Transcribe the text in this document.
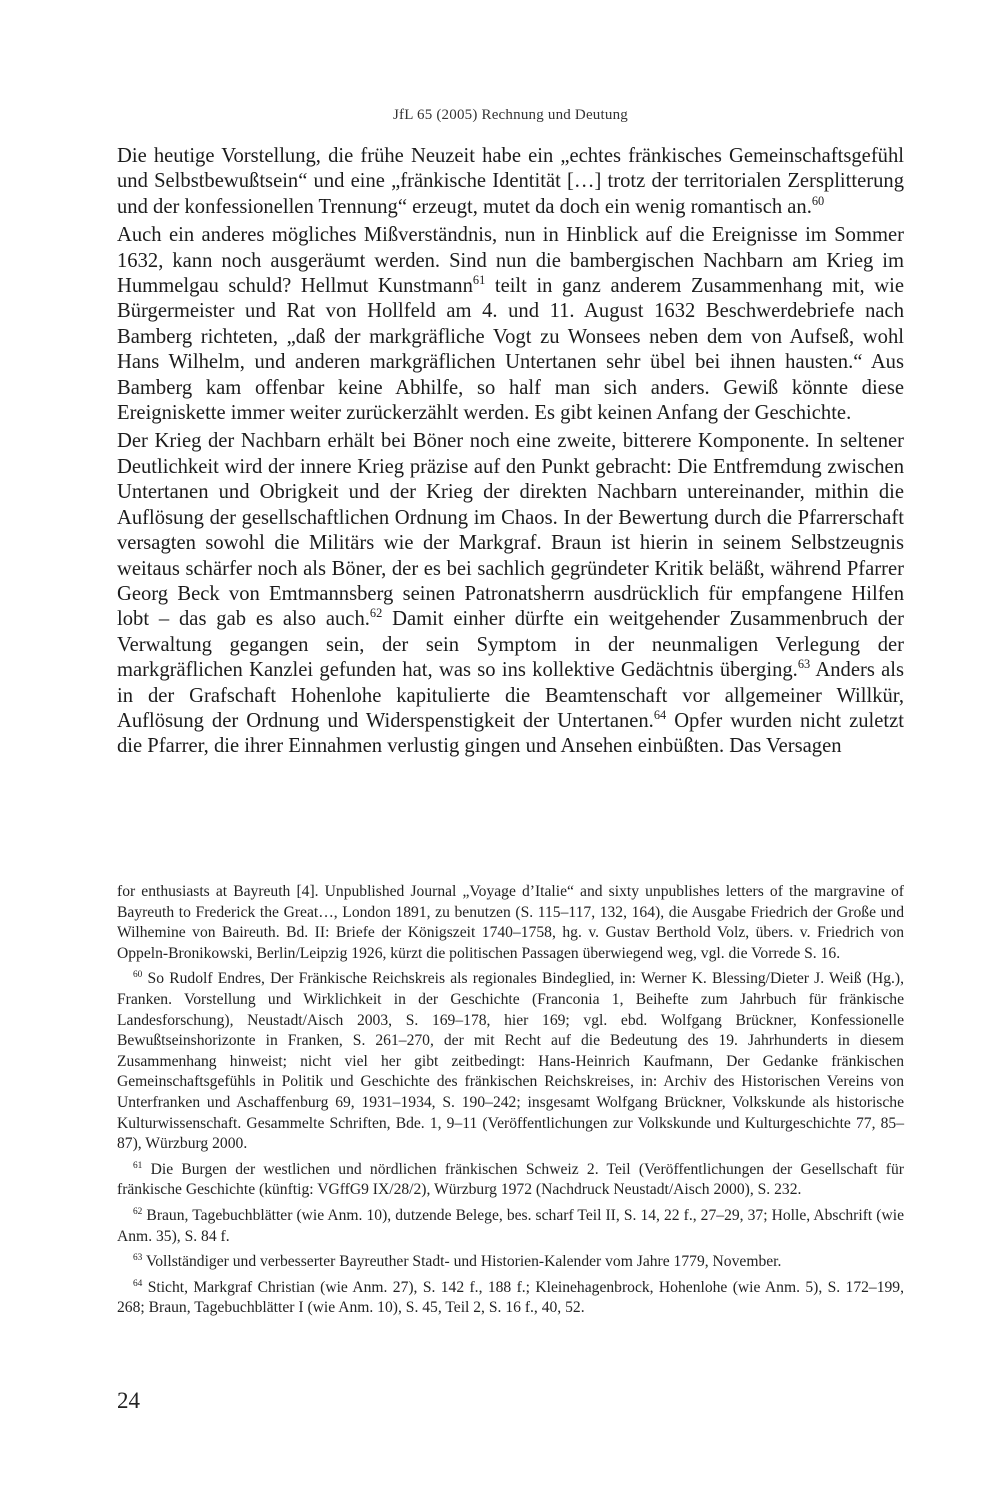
JfL 65 (2005) Rechnung und Deutung

Die heutige Vorstellung, die frühe Neuzeit habe ein „echtes fränkisches Gemeinschaftsgefühl und Selbstbewußtsein“ und eine „fränkische Identität […] trotz der territorialen Zersplitterung und der konfessionellen Trennung“ erzeugt, mutet da doch ein wenig romantisch an.$^{60}$

Auch ein anderes mögliches Mißverständnis, nun in Hinblick auf die Ereignisse im Sommer 1632, kann noch ausgeräumt werden. Sind nun die bambergischen Nachbarn am Krieg im Hummelgau schuld? Hellmut Kunstmann$^{61}$ teilt in ganz anderem Zusammenhang mit, wie Bürgermeister und Rat von Hollfeld am 4. und 11. August 1632 Beschwerdebriefe nach Bamberg richteten, „daß der markgräfliche Vogt zu Wonsees neben dem von Aufseß, wohl Hans Wilhelm, und anderen markgräflichen Untertanen sehr übel bei ihnen hausten.“ Aus Bamberg kam offenbar keine Abhilfe, so half man sich anders. Gewiß könnte diese Ereigniskette immer weiter zurückerzählt werden. Es gibt keinen Anfang der Geschichte.

Der Krieg der Nachbarn erhält bei Böner noch eine zweite, bitterere Komponente. In seltener Deutlichkeit wird der innere Krieg präzise auf den Punkt gebracht: Die Entfremdung zwischen Untertanen und Obrigkeit und der Krieg der direkten Nachbarn untereinander, mithin die Auflösung der gesellschaftlichen Ordnung im Chaos. In der Bewertung durch die Pfarrerschaft versagten sowohl die Militärs wie der Markgraf. Braun ist hierin in seinem Selbstzeugnis weitaus schärfer noch als Böner, der es bei sachlich gegründeter Kritik beläßt, während Pfarrer Georg Beck von Emtmannsberg seinen Patronatsherrn ausdrücklich für empfangene Hilfen lobt – das gab es also auch.$^{62}$ Damit einher dürfte ein weitgehender Zusammenbruch der Verwaltung gegangen sein, der sein Symptom in der neunmaligen Verlegung der markgräflichen Kanzlei gefunden hat, was so ins kollektive Gedächtnis überging.$^{63}$ Anders als in der Grafschaft Hohenlohe kapitulierte die Beamtenschaft vor allgemeiner Willkür, Auflösung der Ordnung und Widerspenstigkeit der Untertanen.$^{64}$ Opfer wurden nicht zuletzt die Pfarrer, die ihrer Einnahmen verlustig gingen und Ansehen einbüßten. Das Versagen

for enthusiasts at Bayreuth [4]. Unpublished Journal „Voyage d’Italie“ and sixty unpublishes letters of the margravine of Bayreuth to Frederick the Great…, London 1891, zu benutzen (S. 115–117, 132, 164), die Ausgabe Friedrich der Große und Wilhemine von Baireuth. Bd. II: Briefe der Königszeit 1740–1758, hg. v. Gustav Berthold Volz, übers. v. Friedrich von Oppeln-Bronikowski, Berlin/Leipzig 1926, kürzt die politischen Passagen überwiegend weg, vgl. die Vorrede S. 16.

$^{60}$ So Rudolf Endres, Der Fränkische Reichskreis als regionales Bindeglied, in: Werner K. Blessing/Dieter J. Weiß (Hg.), Franken. Vorstellung und Wirklichkeit in der Geschichte (Franconia 1, Beihefte zum Jahrbuch für fränkische Landesforschung), Neustadt/Aisch 2003, S. 169–178, hier 169; vgl. ebd. Wolfgang Brückner, Konfessionelle Bewußtseinshorizonte in Franken, S. 261–270, der mit Recht auf die Bedeutung des 19. Jahrhunderts in diesem Zusammenhang hinweist; nicht viel her gibt zeitbedingt: Hans-Heinrich Kaufmann, Der Gedanke fränkischen Gemeinschaftsgefühls in Politik und Geschichte des fränkischen Reichskreises, in: Archiv des Historischen Vereins von Unterfranken und Aschaffenburg 69, 1931–1934, S. 190–242; insgesamt Wolfgang Brückner, Volkskunde als historische Kulturwissenschaft. Gesammelte Schriften, Bde. 1, 9–11 (Veröffentlichungen zur Volkskunde und Kulturgeschichte 77, 85–87), Würzburg 2000.

$^{61}$ Die Burgen der westlichen und nördlichen fränkischen Schweiz 2. Teil (Veröffentlichungen der Gesellschaft für fränkische Geschichte (künftig: VGffG9 IX/28/2), Würzburg 1972 (Nachdruck Neustadt/Aisch 2000), S. 232.

$^{62}$ Braun, Tagebuchblätter (wie Anm. 10), dutzende Belege, bes. scharf Teil II, S. 14, 22 f., 27–29, 37; Holle, Abschrift (wie Anm. 35), S. 84 f.

$^{63}$ Vollständiger und verbesserter Bayreuther Stadt- und Historien-Kalender vom Jahre 1779, November.

$^{64}$ Sticht, Markgraf Christian (wie Anm. 27), S. 142 f., 188 f.; Kleinehagenbrock, Hohenlohe (wie Anm. 5), S. 172–199, 268; Braun, Tagebuchblätter I (wie Anm. 10), S. 45, Teil 2, S. 16 f., 40, 52.

24
